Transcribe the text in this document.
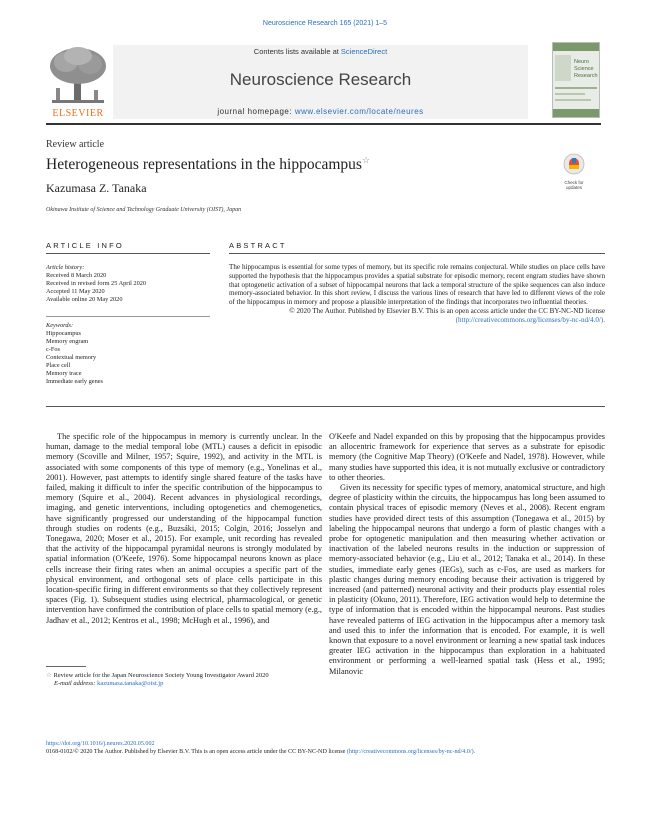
Neuroscience Research 165 (2021) 1–5
ELSEVIER
Contents lists available at ScienceDirect
Neuroscience Research
journal homepage: www.elsevier.com/locate/neures
Neuro
Science
Research
Review article
Heterogeneous representations in the hippocampus☆
Kazumasa Z. Tanaka
Okinawa Institute of Science and Technology Graduate University (OIST), Japan
Check for updates
ARTICLE INFO
Article history:
Received 8 March 2020
Received in revised form 25 April 2020
Accepted 11 May 2020
Available online 20 May 2020
Keywords:
Hippocampus
Memory engram
c-Fos
Contextual memory
Place cell
Memory trace
Immediate early genes
ABSTRACT
The hippocampus is essential for some types of memory, but its specific role remains conjectural. While studies on place cells have supported the hypothesis that the hippocampus provides a spatial substrate for episodic memory, recent engram studies have shown that optogenetic activation of a subset of hippocampal neurons that lack a temporal structure of the spike sequences can also induce memory-associated behavior. In this short review, I discuss the various lines of research that have led to different views of the role of the hippocampus in memory and propose a plausible interpretation of the findings that incorporates two influential theories.
© 2020 The Author. Published by Elsevier B.V. This is an open access article under the CC BY-NC-ND license (http://creativecommons.org/licenses/by-nc-nd/4.0/).

The specific role of the hippocampus in memory is currently unclear. In the human, damage to the medial temporal lobe (MTL) causes a deficit in episodic memory (Scoville and Milner, 1957; Squire, 1992), and activity in the MTL is associated with some components of this type of memory (e.g., Yonelinas et al., 2001). However, past attempts to identify single shared feature of the tasks have failed, making it difficult to infer the specific contribution of the hippocampus to memory (Squire et al., 2004). Recent advances in physiological recordings, imaging, and genetic interventions, including optogenetics and chemogenetics, have significantly progressed our understanding of the hippocampal function through studies on rodents (e.g., Buzsáki, 2015; Colgin, 2016; Josselyn and Tonegawa, 2020; Moser et al., 2015). For example, unit recording has revealed that the activity of the hippocampal pyramidal neurons is strongly modulated by spatial information (O'Keefe, 1976). Some hippocampal neurons known as place cells increase their firing rates when an animal occupies a specific part of the physical environment, and orthogonal sets of place cells participate in this location-specific firing in different environments so that they collectively represent spaces (Fig. 1). Subsequent studies using electrical, pharmacological, or genetic intervention have confirmed the contribution of place cells to spatial memory (e.g., Jadhav et al., 2012; Kentros et al., 1998; McHugh et al., 1996), and

O'Keefe and Nadel expanded on this by proposing that the hippocampus provides an allocentric framework for experience that serves as a substrate for episodic memory (the Cognitive Map Theory) (O'Keefe and Nadel, 1978). However, while many studies have supported this idea, it is not mutually exclusive or contradictory to other theories.

Given its necessity for specific types of memory, anatomical structure, and high degree of plasticity within the circuits, the hippocampus has long been assumed to contain physical traces of episodic memory (Neves et al., 2008). Recent engram studies have provided direct tests of this assumption (Tonegawa et al., 2015) by labeling the hippocampal neurons that undergo a form of plastic changes with a probe for optogenetic manipulation and then measuring whether activation or inactivation of the labeled neurons results in the induction or suppression of memory-associated behavior (e.g., Liu et al., 2012; Tanaka et al., 2014). In these studies, immediate early genes (IEGs), such as c-Fos, are used as markers for plastic changes during memory encoding because their activation is triggered by increased (and patterned) neuronal activity and their products play essential roles in plasticity (Okuno, 2011). Therefore, IEG activation would help to determine the type of information that is encoded within the hippocampal neurons. Past studies have revealed patterns of IEG activation in the hippocampus after a memory task and used this to infer the information that is encoded. For example, it is well known that exposure to a novel environment or learning a new spatial task induces greater IEG activation in the hippocampus than exploration in a habituated environment or performing a well-learned spatial task (Hess et al., 1995; Milanovic

☆ Review article for the Japan Neuroscience Society Young Investigator Award 2020
E-mail address: kazumasa.tanaka@oist.jp
https://doi.org/10.1016/j.neures.2020.05.002
0168-0102/© 2020 The Author. Published by Elsevier B.V. This is an open access article under the CC BY-NC-ND license (http://creativecommons.org/licenses/by-nc-nd/4.0/).
